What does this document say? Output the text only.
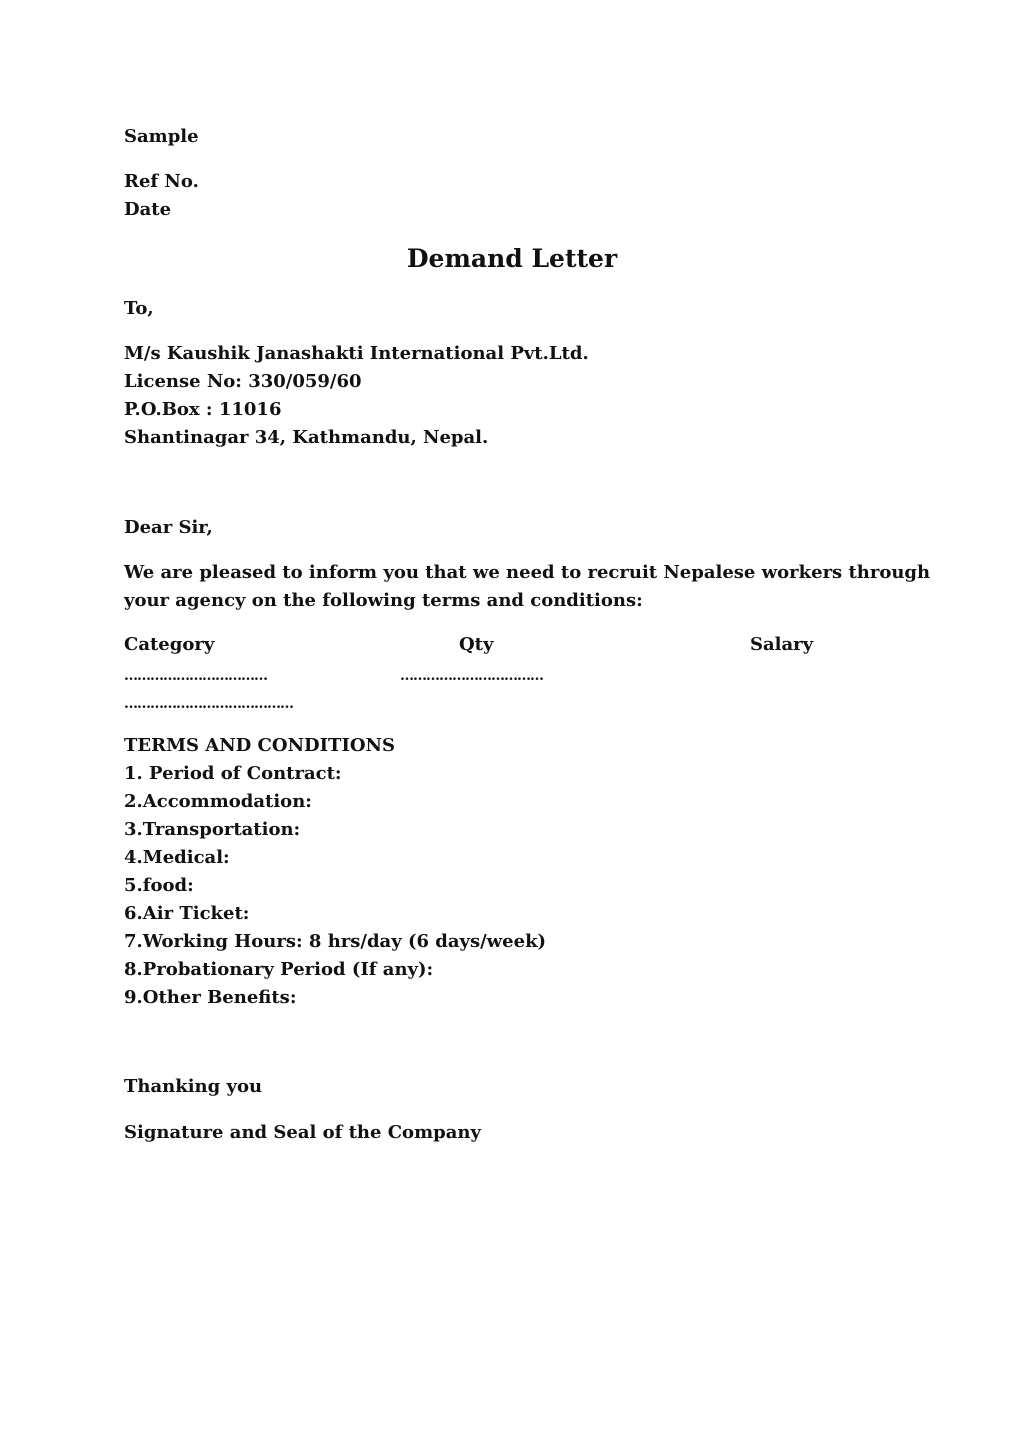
Sample
Ref No.
Date
Demand Letter
To,
M/s Kaushik Janashakti International Pvt.Ltd.
License No: 330/059/60
P.O.Box : 11016
Shantinagar 34, Kathmandu, Nepal.
Dear Sir,
We are pleased to inform you that we need to recruit Nepalese workers through
your agency on the following terms and conditions:
Category	Qty	Salary
……………………………	……………………………
…………………………………
TERMS AND CONDITIONS
1. Period of Contract:
2.Accommodation:
3.Transportation:
4.Medical:
5.food:
6.Air Ticket:
7.Working Hours: 8 hrs/day (6 days/week)
8.Probationary Period (If any):
9.Other Benefits:
Thanking you
Signature and Seal of the Company
